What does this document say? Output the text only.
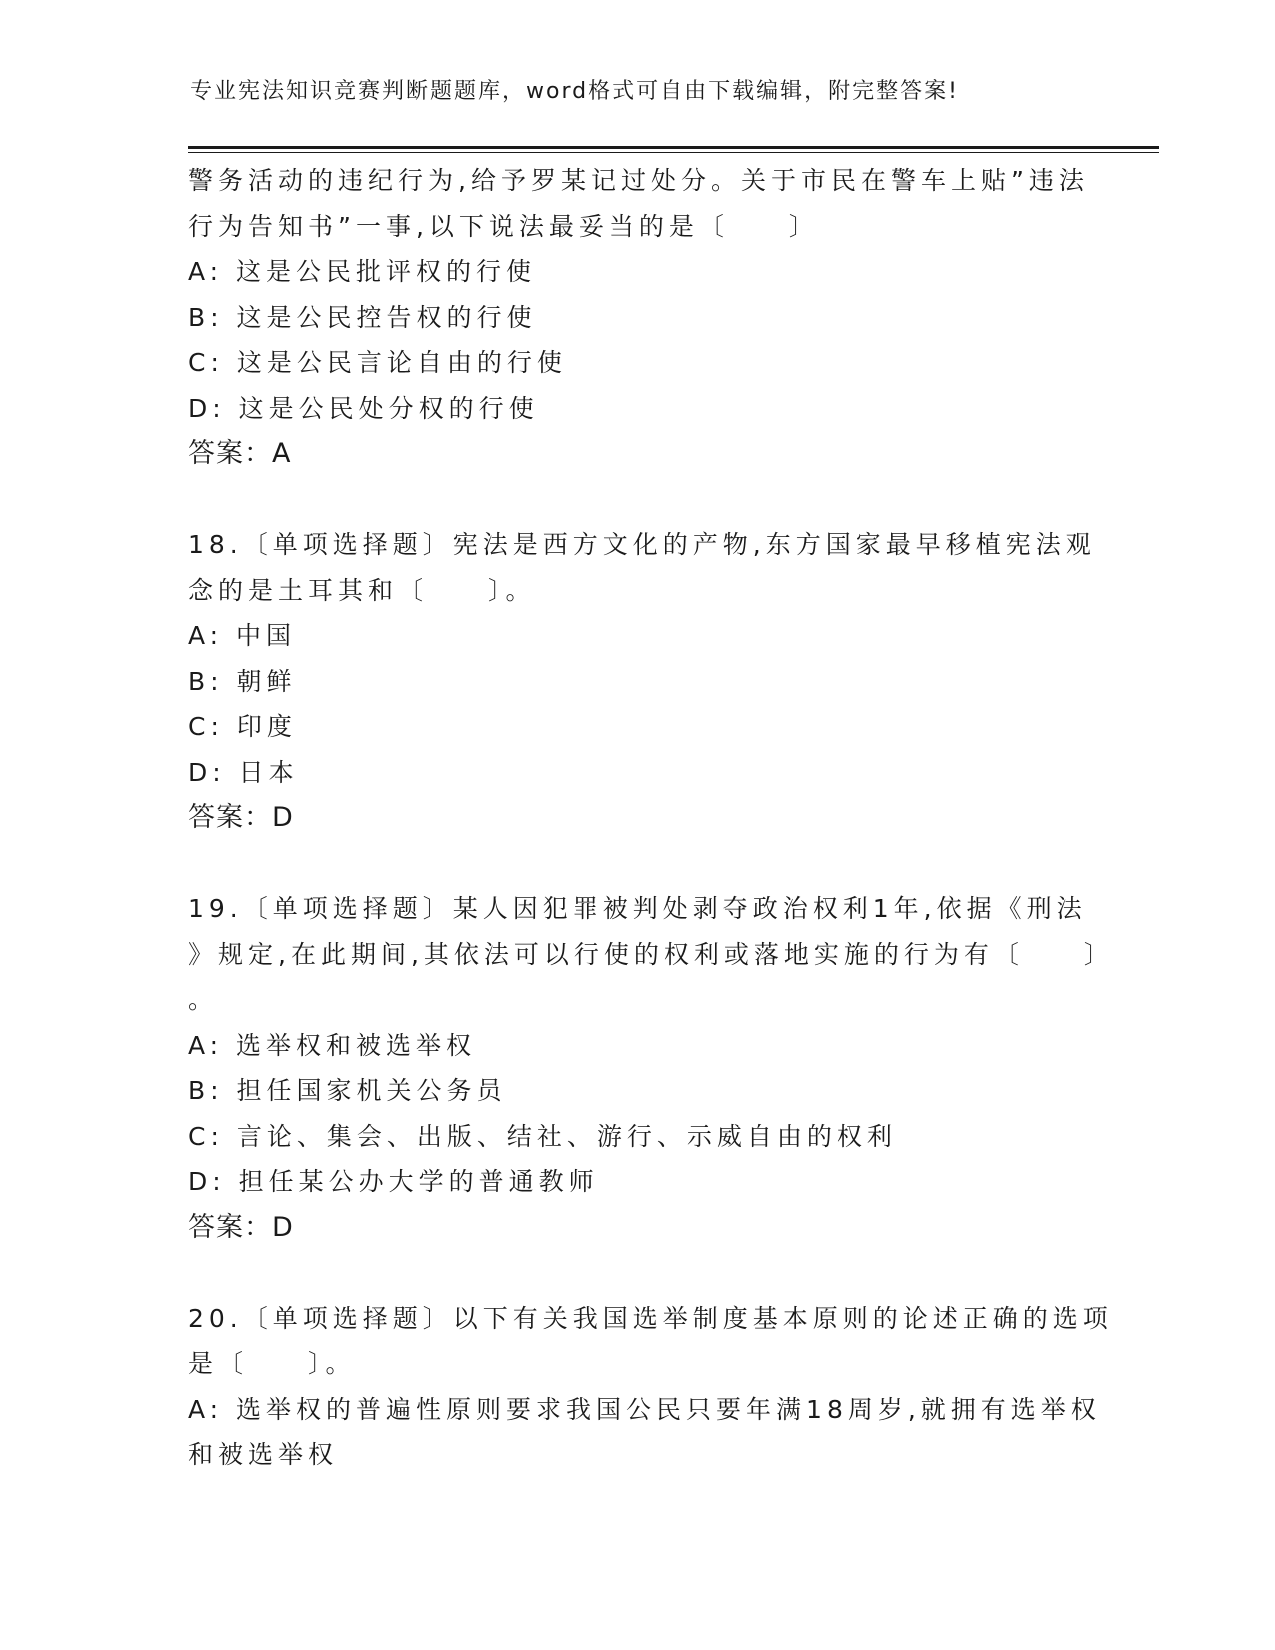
专业宪法知识竞赛判断题题库，word格式可自由下载编辑，附完整答案!
警务活动的违纪行为,给予罗某记过处分。关于市民在警车上贴”违法
行为告知书”一事,以下说法最妥当的是〔　　〕
A: 这是公民批评权的行使
B: 这是公民控告权的行使
C: 这是公民言论自由的行使
D: 这是公民处分权的行使
答案：A
18.〔单项选择题〕宪法是西方文化的产物,东方国家最早移植宪法观
念的是土耳其和〔　　〕。
A: 中国
B: 朝鲜
C: 印度
D: 日本
答案：D
19.〔单项选择题〕某人因犯罪被判处剥夺政治权利1年,依据《刑法
》规定,在此期间,其依法可以行使的权利或落地实施的行为有〔　　〕
。
A: 选举权和被选举权
B: 担任国家机关公务员
C: 言论、集会、出版、结社、游行、示威自由的权利
D: 担任某公办大学的普通教师
答案：D
20.〔单项选择题〕以下有关我国选举制度基本原则的论述正确的选项
是〔　　〕。
A: 选举权的普遍性原则要求我国公民只要年满18周岁,就拥有选举权
和被选举权
